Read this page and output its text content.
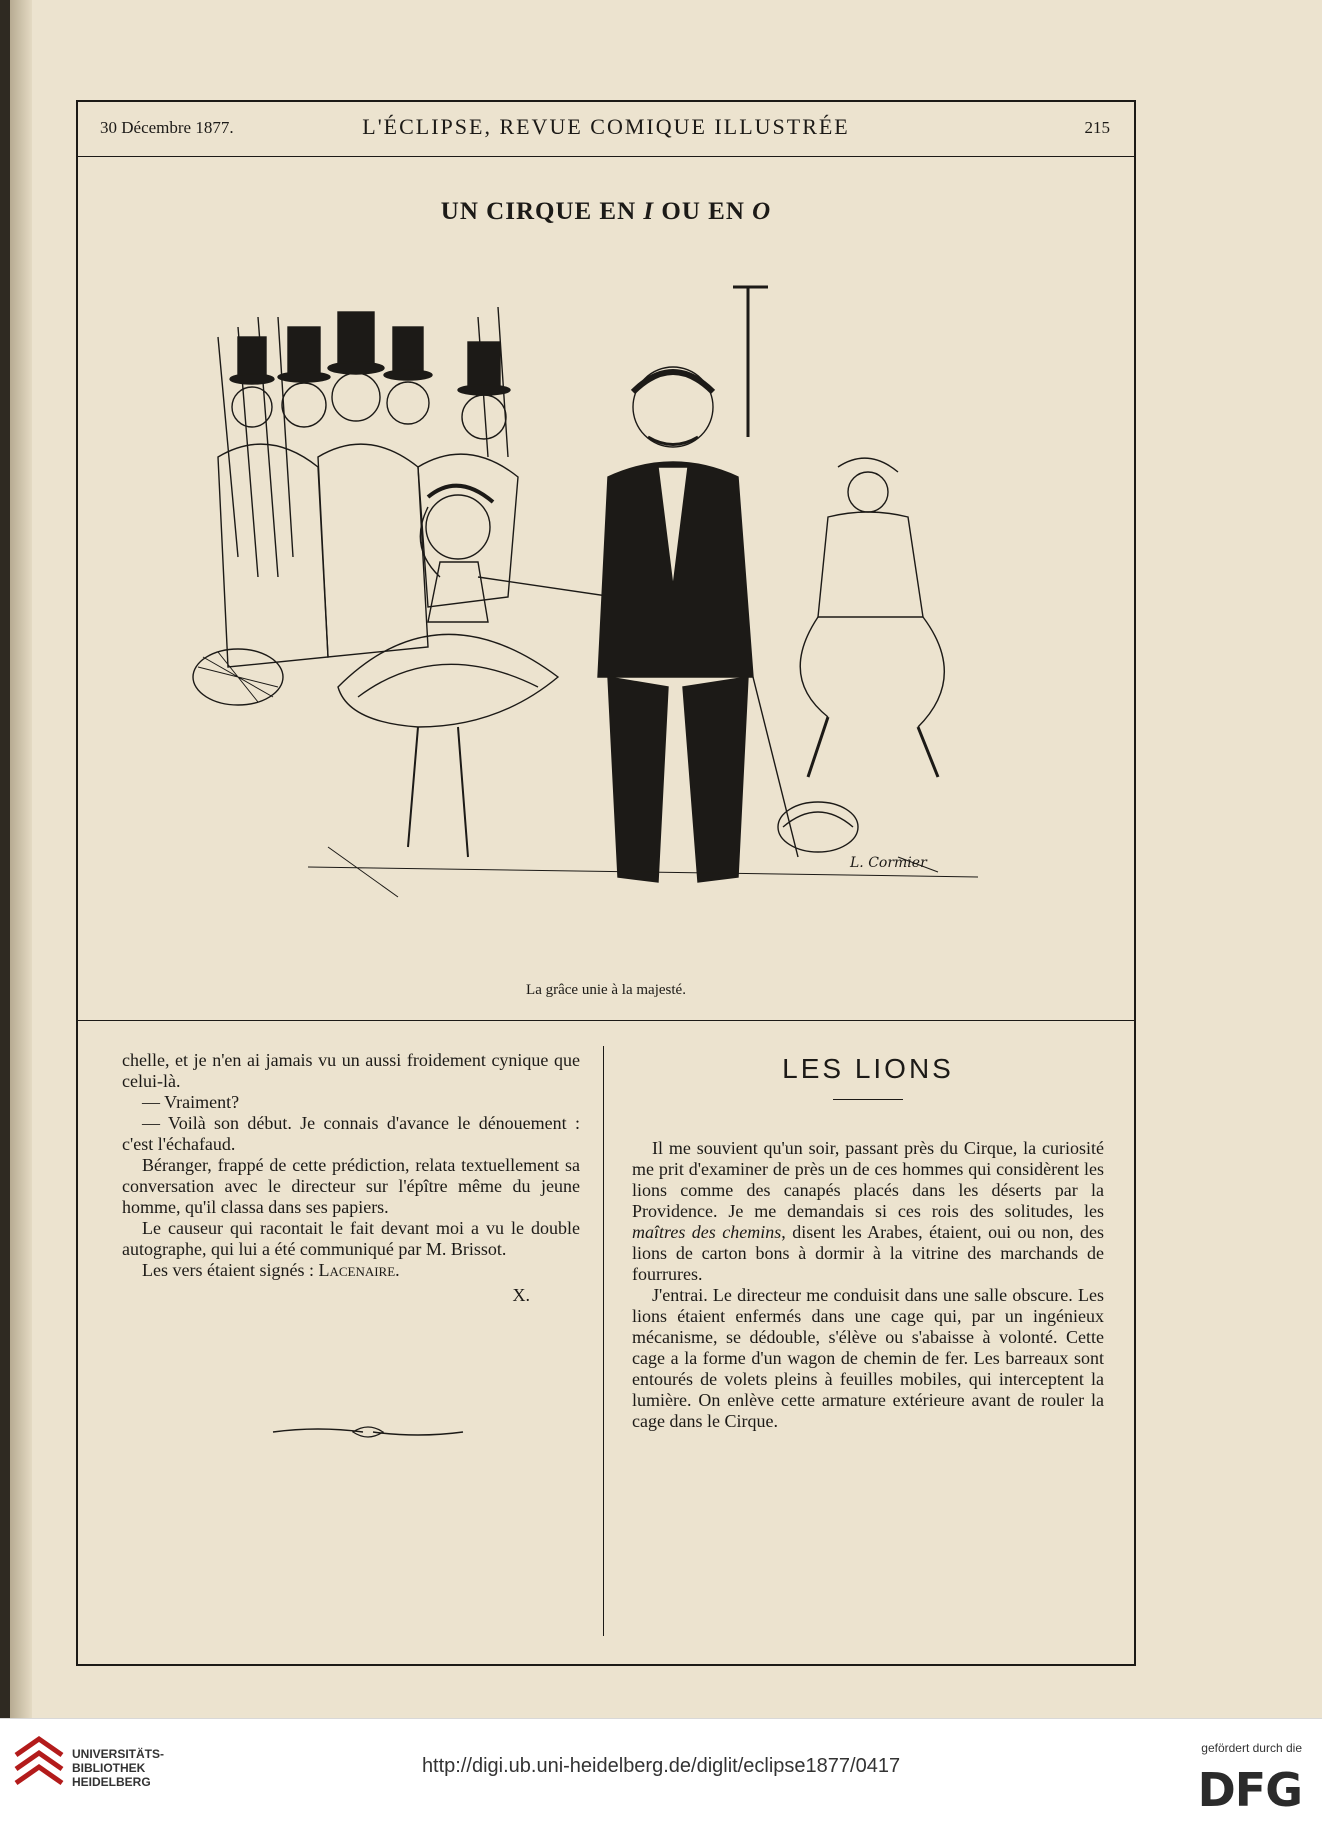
30 Décembre 1877.	L'ÉCLIPSE, REVUE COMIQUE ILLUSTRÉE	215
UN CIRQUE EN I OU EN O
L. Cormier
La grâce unie à la majesté.

chelle, et je n'en ai jamais vu un aussi froidement cynique que celui-là.

— Vraiment?

— Voilà son début. Je connais d'avance le dénouement : c'est l'échafaud.

Béranger, frappé de cette prédiction, relata textuellement sa conversation avec le directeur sur l'épître même du jeune homme, qu'il classa dans ses papiers.

Le causeur qui racontait le fait devant moi a vu le double autographe, qui lui a été communiqué par M. Brissot.

Les vers étaient signés : Lacenaire.

X.

LES LIONS

Il me souvient qu'un soir, passant près du Cirque, la curiosité me prit d'examiner de près un de ces hommes qui considèrent les lions comme des canapés placés dans les déserts par la Providence. Je me demandais si ces rois des solitudes, les maîtres des chemins, disent les Arabes, étaient, oui ou non, des lions de carton bons à dormir à la vitrine des marchands de fourrures.

J'entrai. Le directeur me conduisit dans une salle obscure. Les lions étaient enfermés dans une cage qui, par un ingénieux mécanisme, se dédouble, s'élève ou s'abaisse à volonté. Cette cage a la forme d'un wagon de chemin de fer. Les barreaux sont entourés de volets pleins à feuilles mobiles, qui interceptent la lumière. On enlève cette armature extérieure avant de rouler la cage dans le Cirque.

UNIVERSITÄTS-
BIBLIOTHEK
HEIDELBERG
http://digi.ub.uni-heidelberg.de/diglit/eclipse1877/0417
gefördert durch die
DFG
